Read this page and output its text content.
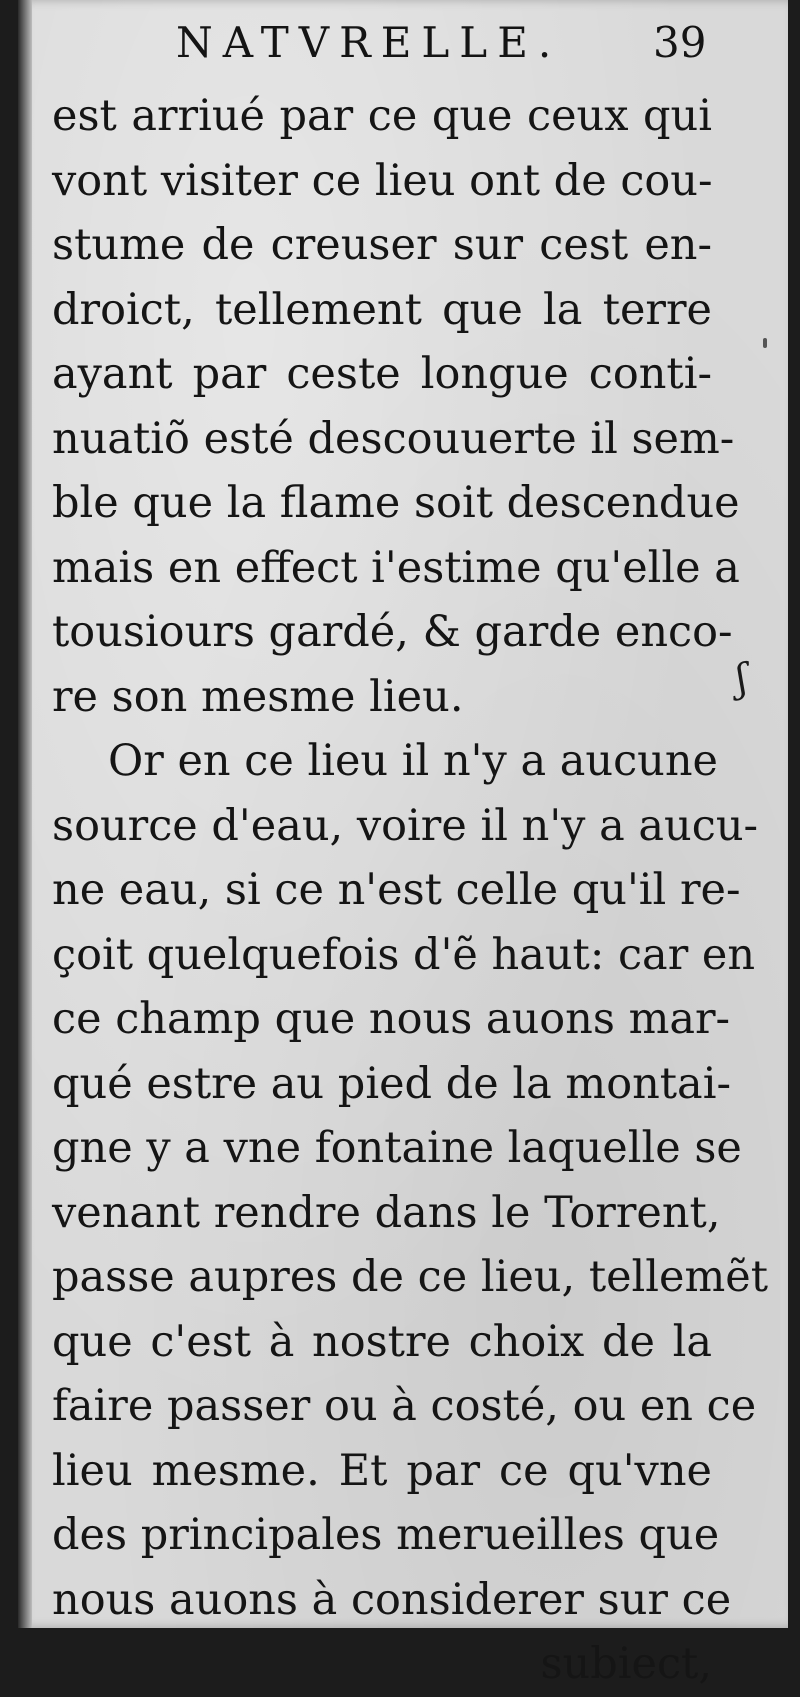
NATVRELLE. 39
est arriué par ce que ceux qui
vont visiter ce lieu ont de cou-
stume de creuser sur cest en-
droict, tellement que la terre
ayant par ceste longue conti-
nuatiõ esté descouuerte il sem-
ble que la flame soit descendue
mais en effect i'estime qu'elle a
tousiours gardé, & garde enco-
re son mesme lieu.
Or en ce lieu il n'y a aucune
source d'eau, voire il n'y a aucu-
ne eau, si ce n'est celle qu'il re-
çoit quelquefois d'ẽ haut: car en
ce champ que nous auons mar-
qué estre au pied de la montai-
gne y a vne fontaine laquelle se
venant rendre dans le Torrent,
passe aupres de ce lieu, tellemẽt
que c'est à nostre choix de la
faire passer ou à costé, ou en ce
lieu mesme. Et par ce qu'vne
des principales merueilles que
nous auons à considerer sur ce
subiect,
ʃ
